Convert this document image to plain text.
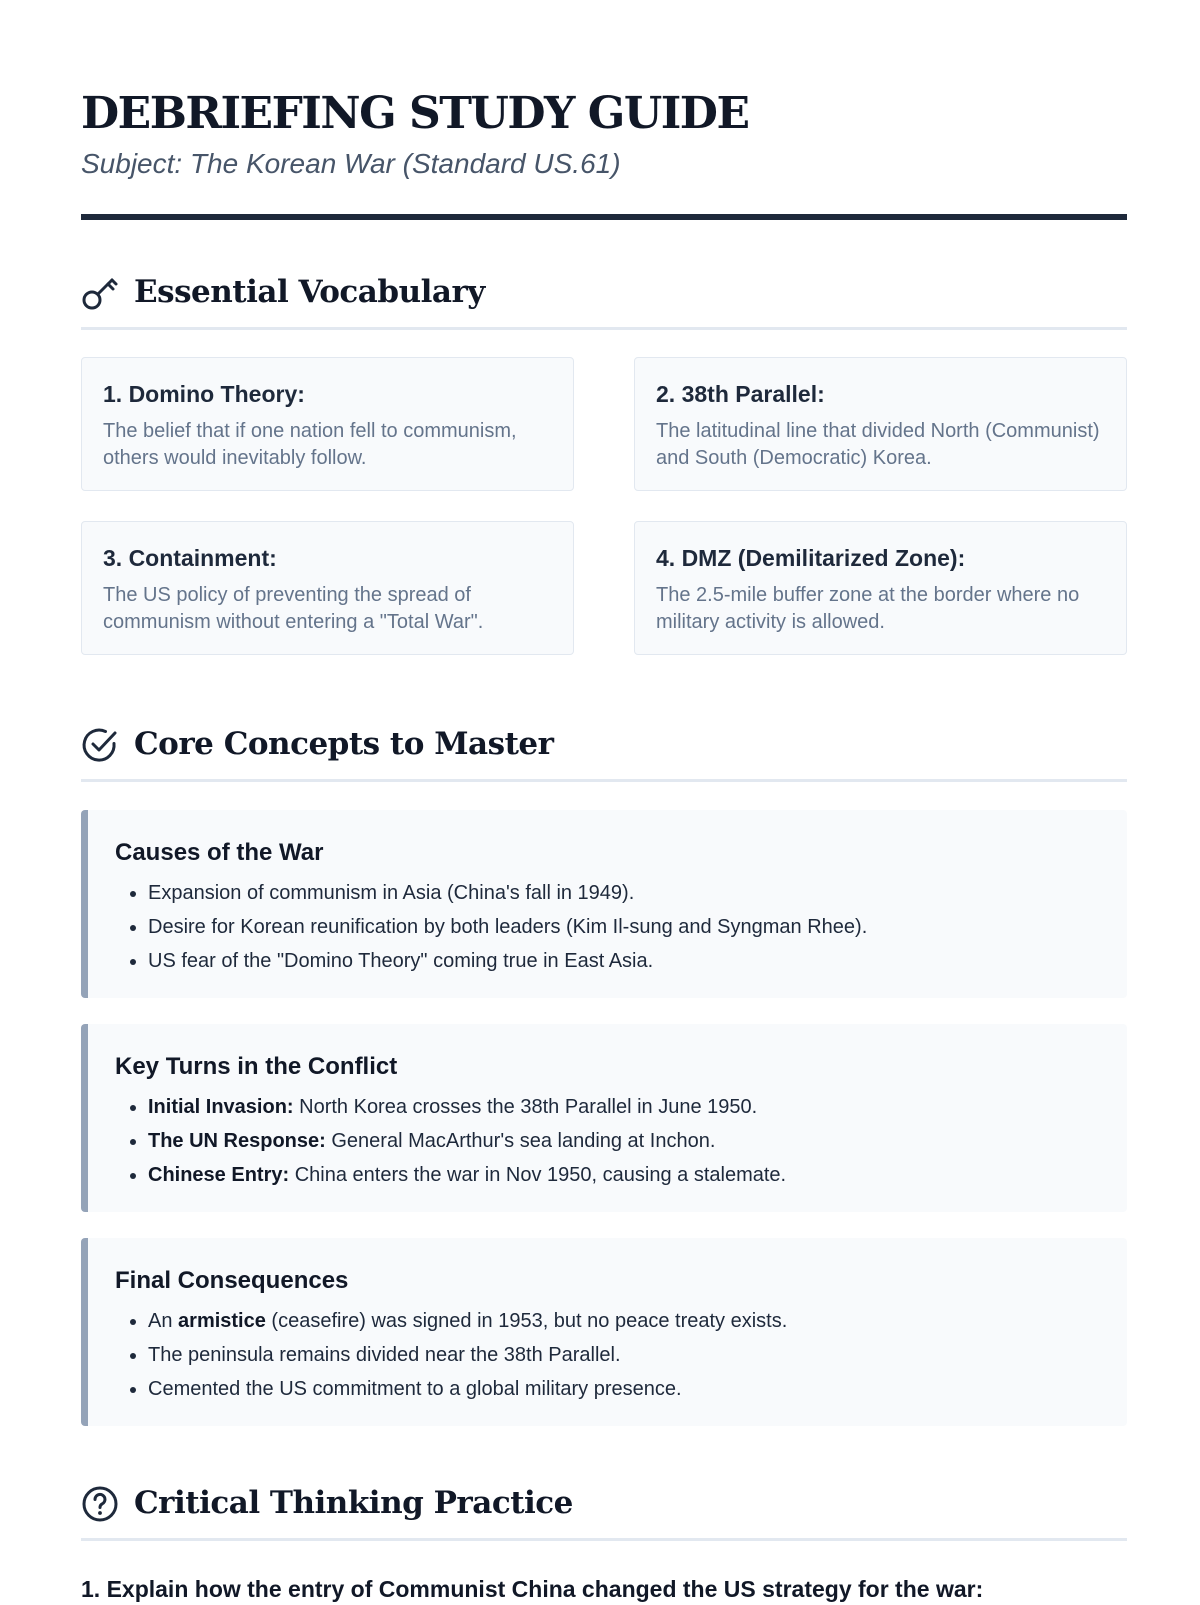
DEBRIEFING STUDY GUIDE

Subject: The Korean War (Standard US.61)

Essential Vocabulary

1. Domino Theory:

The belief that if one nation fell to communism, others would inevitably follow.

2. 38th Parallel:

The latitudinal line that divided North (Communist) and South (Democratic) Korea.

3. Containment:

The US policy of preventing the spread of communism without entering a "Total War".

4. DMZ (Demilitarized Zone):

The 2.5-mile buffer zone at the border where no military activity is allowed.

Core Concepts to Master
Causes of the War
• Expansion of communism in Asia (China's fall in 1949).
• Desire for Korean reunification by both leaders (Kim Il-sung and Syngman Rhee).
• US fear of the "Domino Theory" coming true in East Asia.
Key Turns in the Conflict
• Initial Invasion: North Korea crosses the 38th Parallel in June 1950.
• The UN Response: General MacArthur's sea landing at Inchon.
• Chinese Entry: China enters the war in Nov 1950, causing a stalemate.
Final Consequences
• An armistice (ceasefire) was signed in 1953, but no peace treaty exists.
• The peninsula remains divided near the 38th Parallel.
• Cemented the US commitment to a global military presence.
Critical Thinking Practice

1. Explain how the entry of Communist China changed the US strategy for the war:
